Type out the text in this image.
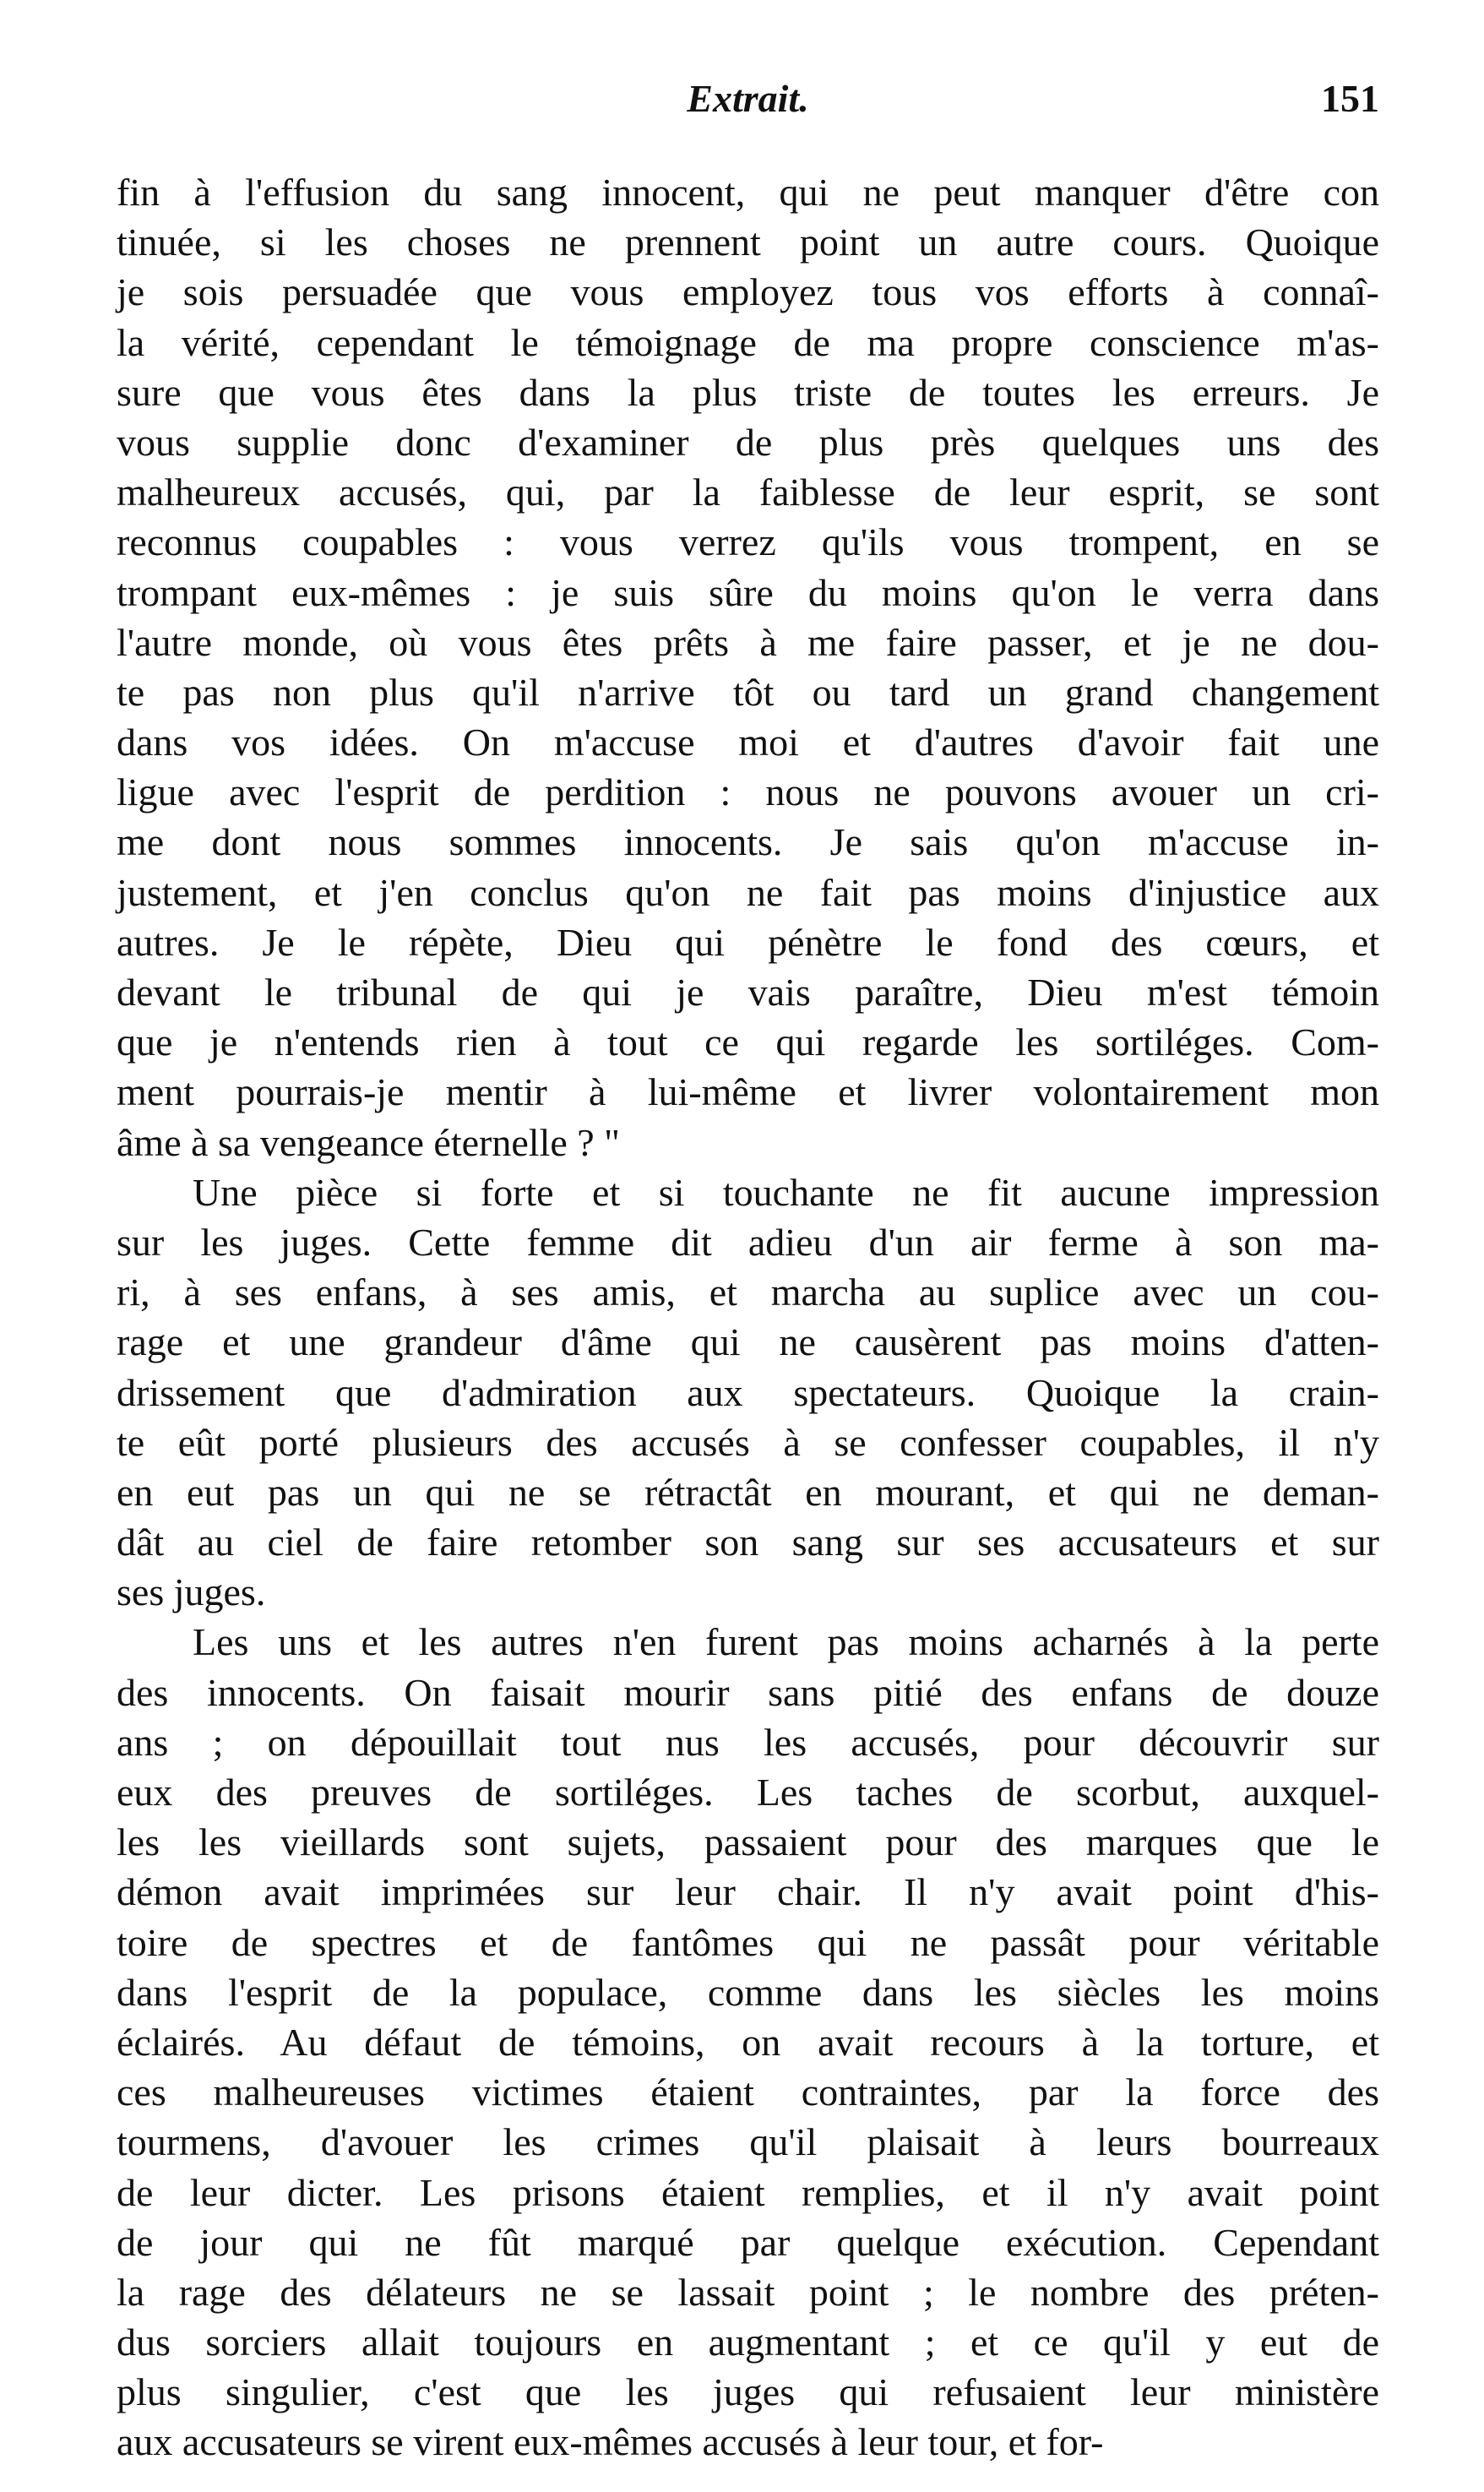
Extrait.	151
fin à l'effusion du sang innocent, qui ne peut manquer d'être con
tinuée, si les choses ne prennent point un autre cours. Quoique
je sois persuadée que vous employez tous vos efforts à connaî-
la vérité, cependant le témoignage de ma propre conscience m'as-
sure que vous êtes dans la plus triste de toutes les erreurs. Je
vous supplie donc d'examiner de plus près quelques uns des
malheureux accusés, qui, par la faiblesse de leur esprit, se sont
reconnus coupables : vous verrez qu'ils vous trompent, en se
trompant eux-mêmes : je suis sûre du moins qu'on le verra dans
l'autre monde, où vous êtes prêts à me faire passer, et je ne dou-
te pas non plus qu'il n'arrive tôt ou tard un grand changement
dans vos idées. On m'accuse moi et d'autres d'avoir fait une
ligue avec l'esprit de perdition : nous ne pouvons avouer un cri-
me dont nous sommes innocents. Je sais qu'on m'accuse in-
justement, et j'en conclus qu'on ne fait pas moins d'injustice aux
autres. Je le répète, Dieu qui pénètre le fond des cœurs, et
devant le tribunal de qui je vais paraître, Dieu m'est témoin
que je n'entends rien à tout ce qui regarde les sortiléges. Com-
ment pourrais-je mentir à lui-même et livrer volontairement mon
âme à sa vengeance éternelle ? "
Une pièce si forte et si touchante ne fit aucune impression
sur les juges. Cette femme dit adieu d'un air ferme à son ma-
ri, à ses enfans, à ses amis, et marcha au suplice avec un cou-
rage et une grandeur d'âme qui ne causèrent pas moins d'atten-
drissement que d'admiration aux spectateurs. Quoique la crain-
te eût porté plusieurs des accusés à se confesser coupables, il n'y
en eut pas un qui ne se rétractât en mourant, et qui ne deman-
dât au ciel de faire retomber son sang sur ses accusateurs et sur
ses juges.
Les uns et les autres n'en furent pas moins acharnés à la perte
des innocents. On faisait mourir sans pitié des enfans de douze
ans ; on dépouillait tout nus les accusés, pour découvrir sur
eux des preuves de sortiléges. Les taches de scorbut, auxquel-
les les vieillards sont sujets, passaient pour des marques que le
démon avait imprimées sur leur chair. Il n'y avait point d'his-
toire de spectres et de fantômes qui ne passât pour véritable
dans l'esprit de la populace, comme dans les siècles les moins
éclairés. Au défaut de témoins, on avait recours à la torture, et
ces malheureuses victimes étaient contraintes, par la force des
tourmens, d'avouer les crimes qu'il plaisait à leurs bourreaux
de leur dicter. Les prisons étaient remplies, et il n'y avait point
de jour qui ne fût marqué par quelque exécution. Cependant
la rage des délateurs ne se lassait point ; le nombre des préten-
dus sorciers allait toujours en augmentant ; et ce qu'il y eut de
plus singulier, c'est que les juges qui refusaient leur ministère
aux accusateurs se virent eux-mêmes accusés à leur tour, et for-
